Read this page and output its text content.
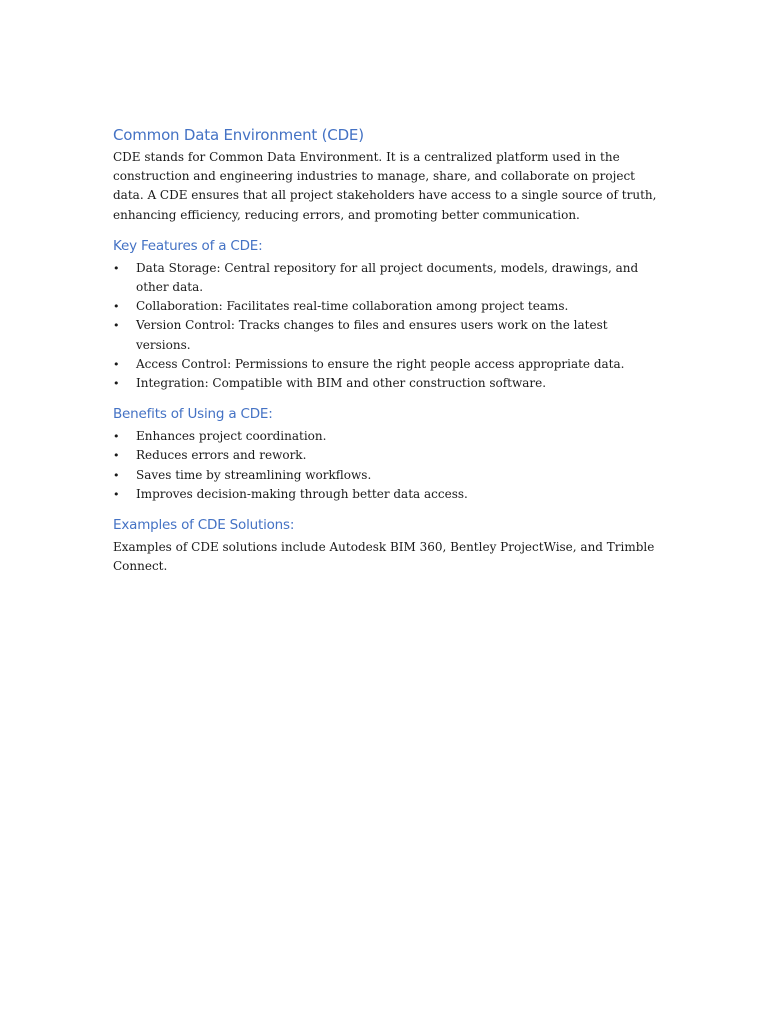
Common Data Environment (CDE)

CDE stands for Common Data Environment. It is a centralized platform used in the construction and engineering industries to manage, share, and collaborate on project data. A CDE ensures that all project stakeholders have access to a single source of truth, enhancing efficiency, reducing errors, and promoting better communication.

Key Features of a CDE:
•	Data Storage: Central repository for all project documents, models, drawings, and other data.
•	Collaboration: Facilitates real-time collaboration among project teams.
•	Version Control: Tracks changes to files and ensures users work on the latest versions.
•	Access Control: Permissions to ensure the right people access appropriate data.
•	Integration: Compatible with BIM and other construction software.
Benefits of Using a CDE:
•	Enhances project coordination.
•	Reduces errors and rework.
•	Saves time by streamlining workflows.
•	Improves decision-making through better data access.
Examples of CDE Solutions:

Examples of CDE solutions include Autodesk BIM 360, Bentley ProjectWise, and Trimble Connect.
